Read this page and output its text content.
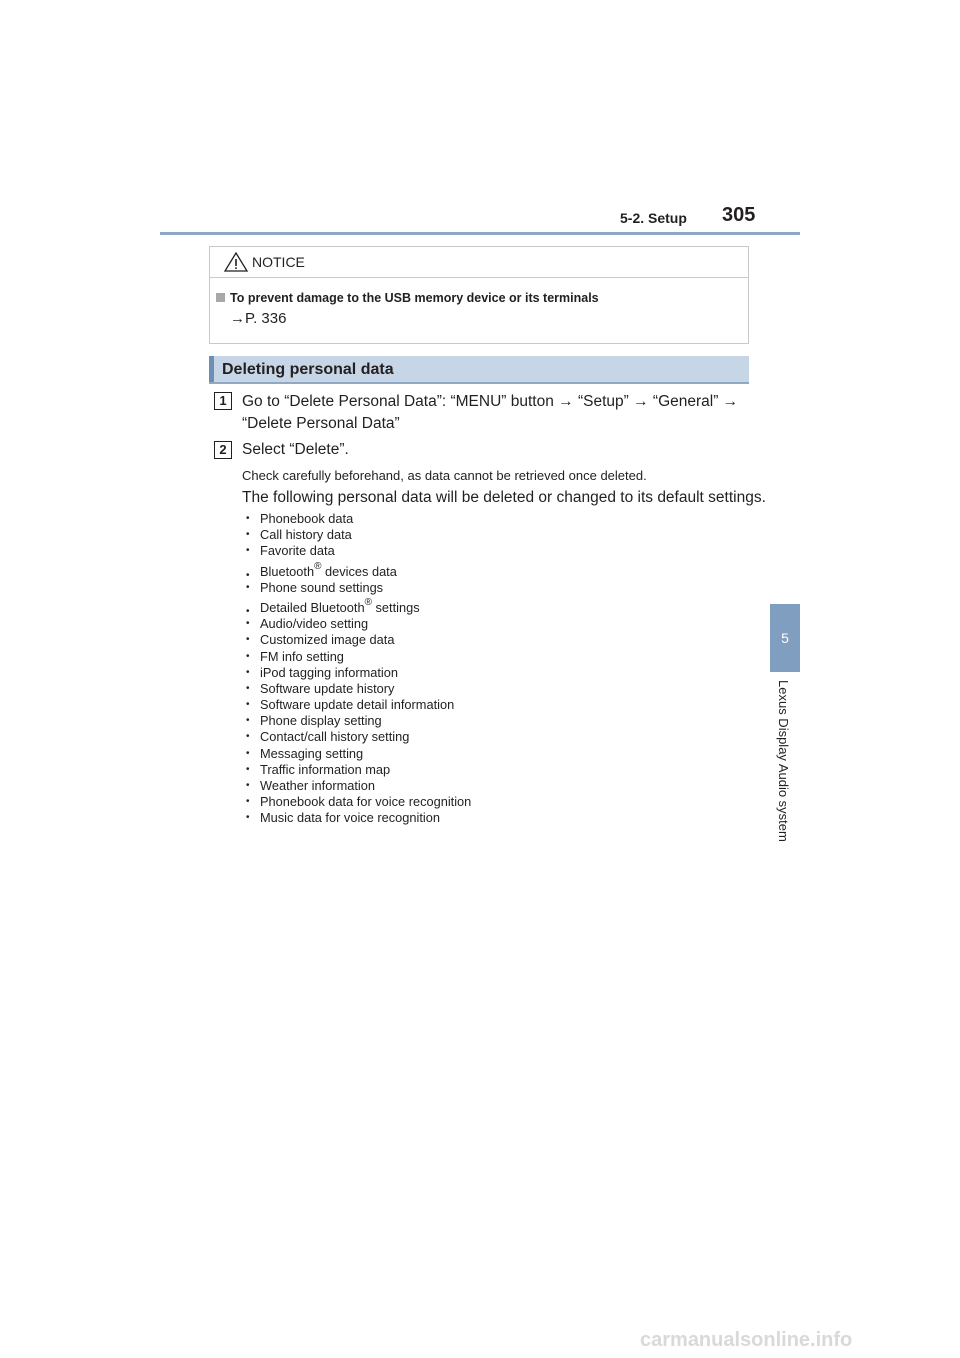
5-2. Setup 305
NOTICE
To prevent damage to the USB memory device or its terminals
→P. 336
Deleting personal data
1 Go to “Delete Personal Data”: “MENU” button → “Setup” → “General” →
“Delete Personal Data”
2 Select “Delete”.
Check carefully beforehand, as data cannot be retrieved once deleted.
The following personal data will be deleted or changed to its default settings.
• Phonebook data
• Call history data
• Favorite data
• Bluetooth® devices data
• Phone sound settings
• Detailed Bluetooth® settings
• Audio/video setting
• Customized image data
• FM info setting
• iPod tagging information
• Software update history
• Software update detail information
• Phone display setting
• Contact/call history setting
• Messaging setting
• Traffic information map
• Weather information
• Phonebook data for voice recognition
• Music data for voice recognition
5
Lexus Display Audio system
carmanualsonline.info
